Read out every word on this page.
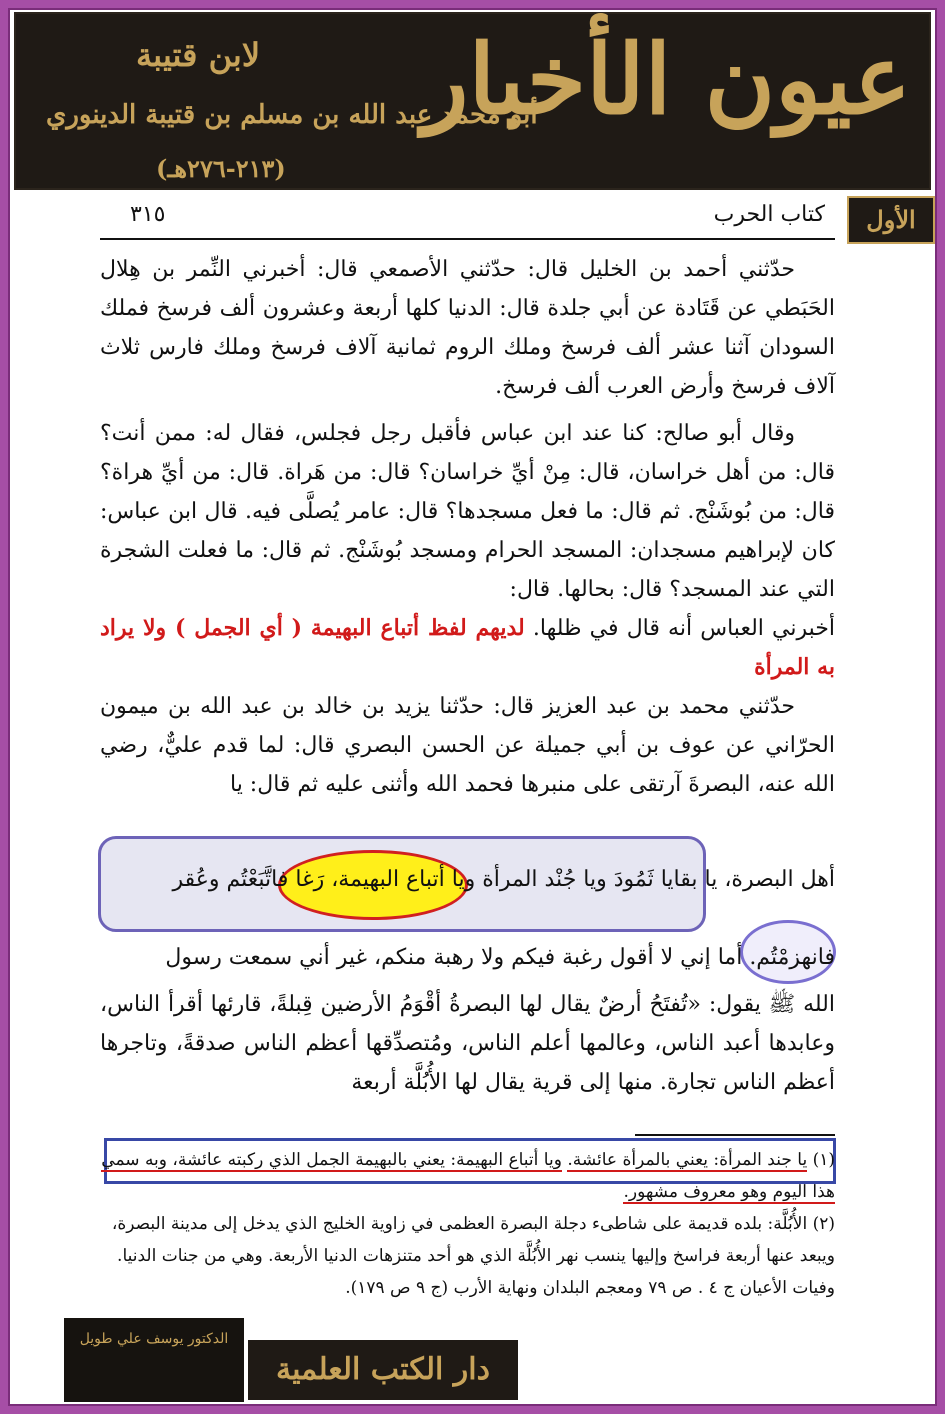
عيون الأخبار
لابن قتيبة
أبو محمد عبد الله بن مسلم بن قتيبة الدينوري
(٢١٣-٢٧٦هـ)
الأول
كتاب الحرب
٣١٥

حدّثني أحمد بن الخليل قال: حدّثني الأصمعي قال: أخبرني النِّمر بن هِلال الحَبَطي عن قَتَادة عن أبي جلدة قال: الدنيا كلها أربعة وعشرون ألف فرسخ فملك السودان آثنا عشر ألف فرسخ وملك الروم ثمانية آلاف فرسخ وملك فارس ثلاث آلاف فرسخ وأرض العرب ألف فرسخ.

وقال أبو صالح: كنا عند ابن عباس فأقبل رجل فجلس، فقال له: ممن أنت؟ قال: من أهل خراسان، قال: مِنْ أيِّ خراسان؟ قال: من هَراة. قال: من أيِّ هراة؟ قال: من بُوشَنْج. ثم قال: ما فعل مسجدها؟ قال: عامر يُصلَّى فيه. قال ابن عباس: كان لإبراهيم مسجدان: المسجد الحرام ومسجد بُوشَنْج. ثم قال: ما فعلت الشجرة التي عند المسجد؟ قال: بحالها. قال:

أخبرني العباس أنه قال في ظلها. لديهم لفظ أتباع البهيمة ( أي الجمل ) ولا يراد به المرأة

حدّثني محمد بن عبد العزيز قال: حدّثنا يزيد بن خالد بن عبد الله بن ميمون الحرّاني عن عوف بن أبي جميلة عن الحسن البصري قال: لما قدم عليٌّ، رضي الله عنه، البصرةَ آرتقى على منبرها فحمد الله وأثنى عليه ثم قال: يا

أهل البصرة، يا بقايا ثَمُودَ ويا جُنْد المرأة ويا أتباع البهيمة، رَغا فاتَّبَعْتُم وعُقر
فانهزمْتُم. أما إني لا أقول رغبة فيكم ولا رهبة منكم، غير أني سمعت رسول
الله ﷺ يقول: «تُفتَحُ أرضٌ يقال لها البصرةُ أقْوَمُ الأرضين قِبلةً، قارئها أقرأ الناس، وعابدها أعبد الناس، وعالمها أعلم الناس، ومُتصدِّقها أعظم الناس صدقةً، وتاجرها أعظم الناس تجارة. منها إلى قرية يقال لها الأُبُلَّة أربعة

(١) يا جند المرأة: يعني بالمرأة عائشة. ويا أتباع البهيمة: يعني بالبهيمة الجمل الذي ركبته عائشة، وبه سمي هذا اليوم وهو معروف مشهور.

(٢) الأُبُلَّة: بلده قديمة على شاطىء دجلة البصرة العظمى في زاوية الخليج الذي يدخل إلى مدينة البصرة، ويبعد عنها أربعة فراسخ وإليها ينسب نهر الأُبُلَّة الذي هو أحد متنزهات الدنيا الأربعة. وهي من جنات الدنيا. وفيات الأعيان ج ٤ . ص ٧٩ ومعجم البلدان ونهاية الأرب (ج ٩ ص ١٧٩).

الدكتور يوسف علي طويل
دار الكتب العلمية
